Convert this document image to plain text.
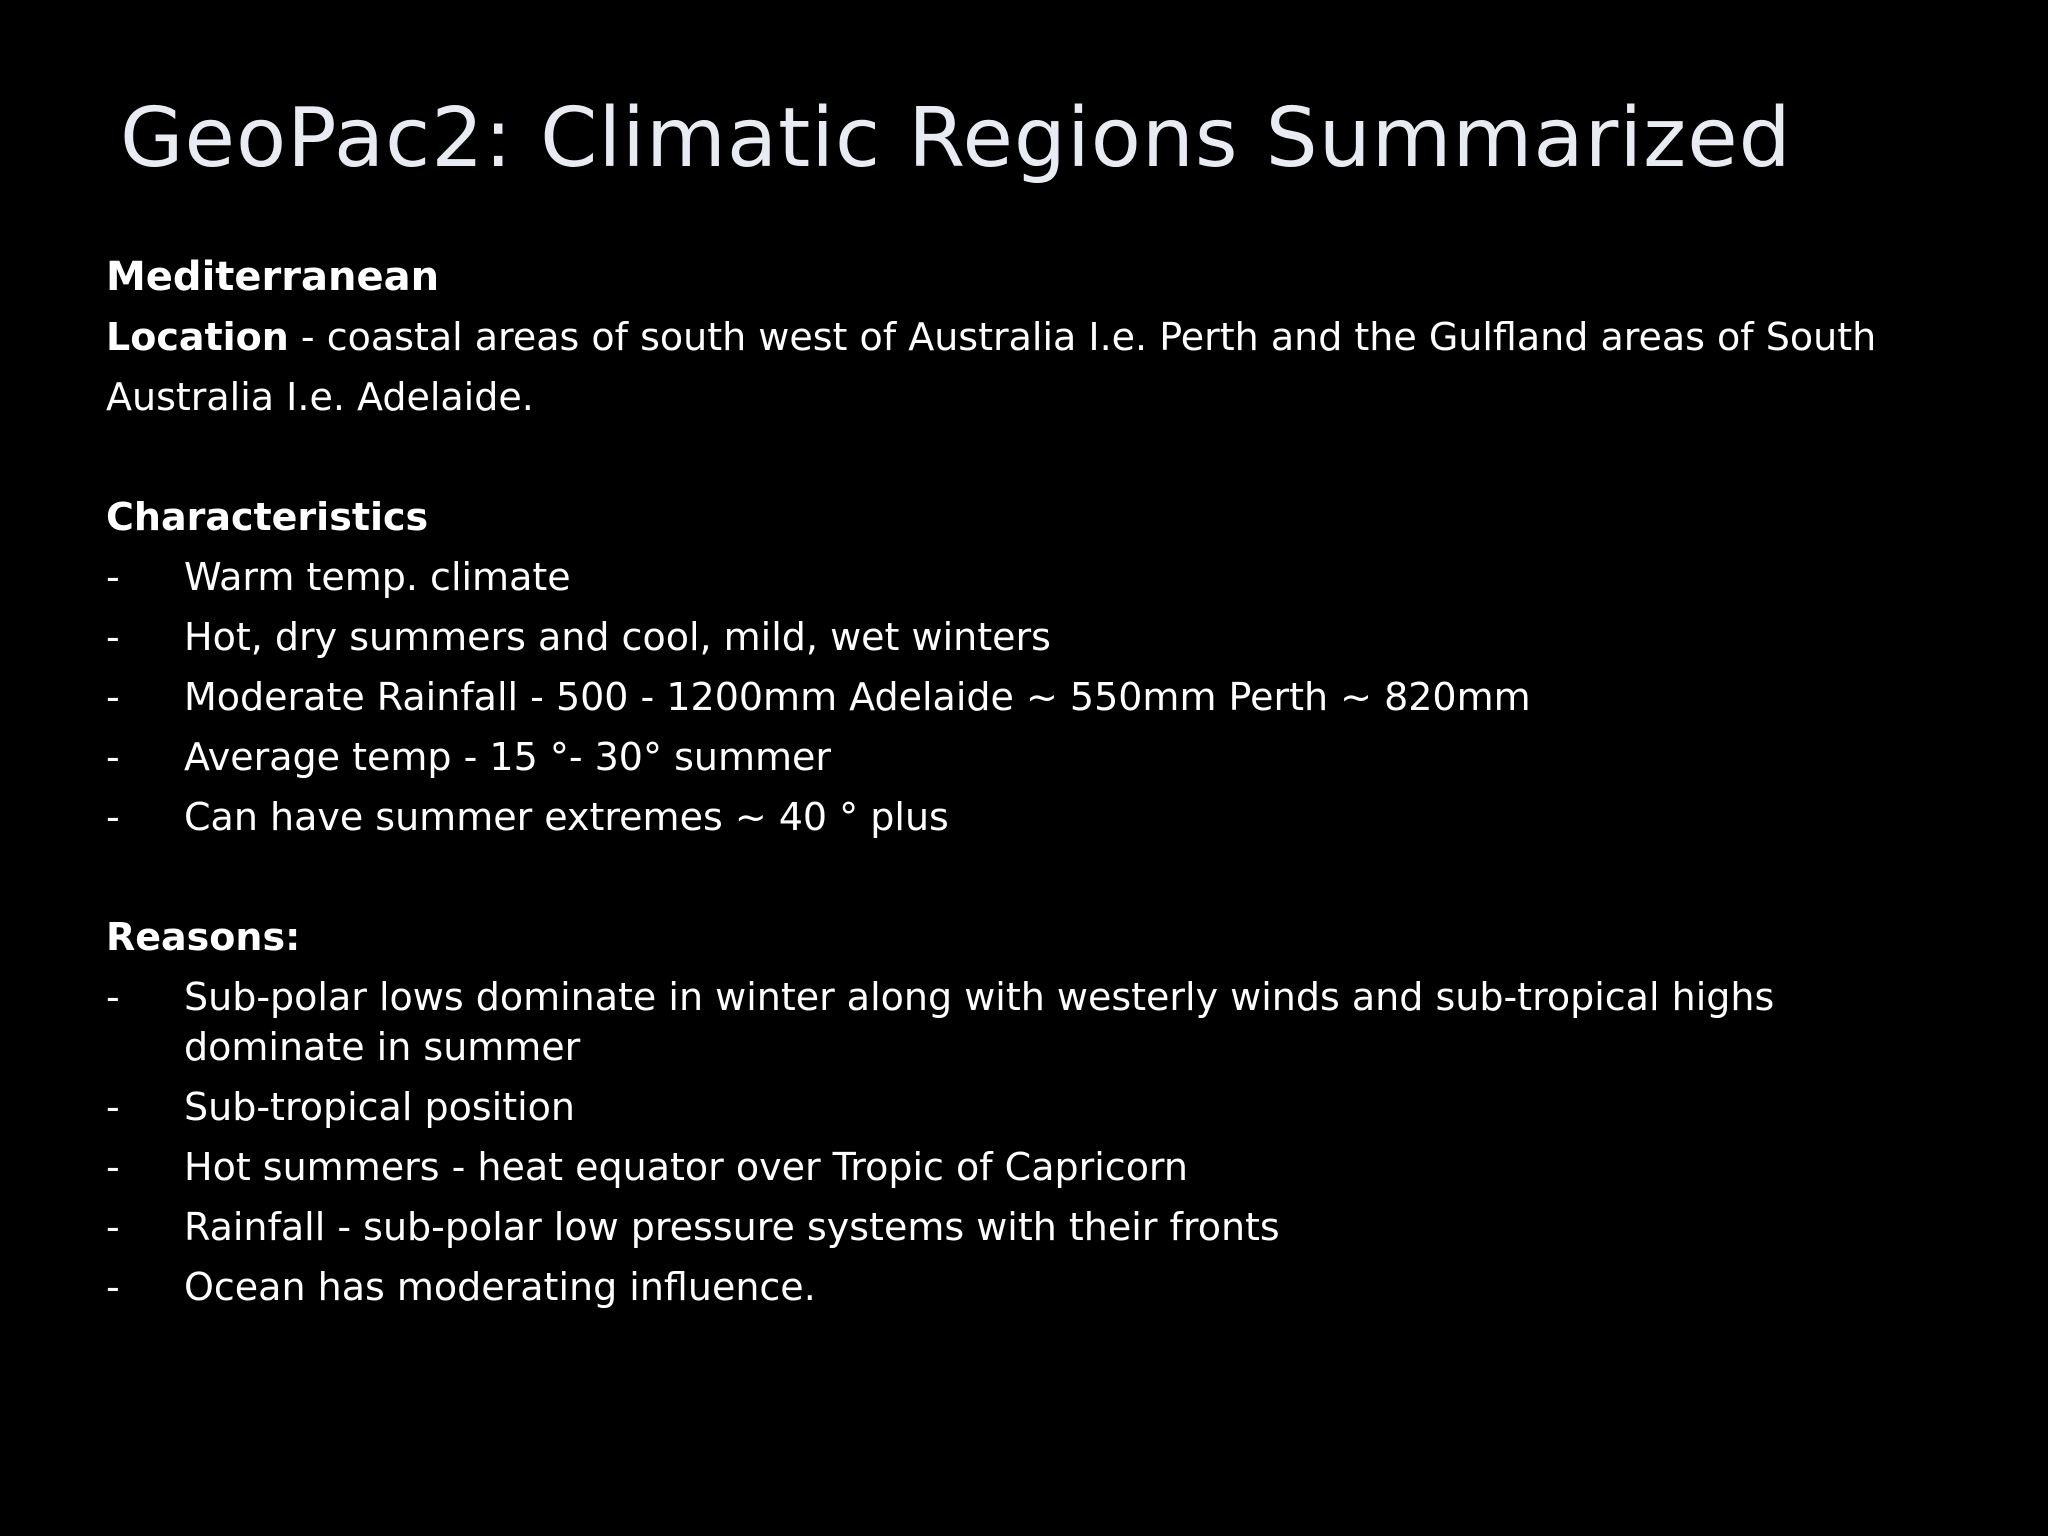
GeoPac2: Climatic Regions Summarized
Mediterranean

Location - coastal areas of south west of Australia I.e. Perth and the Gulfland areas of South Australia I.e. Adelaide.

Characteristics
- Warm temp. climate
- Hot, dry summers and cool, mild, wet winters
- Moderate Rainfall - 500 - 1200mm Adelaide ~ 550mm Perth ~ 820mm
- Average temp - 15 °- 30° summer
- Can have summer extremes ~ 40 ° plus
Reasons:
- Sub-polar lows dominate in winter along with westerly winds and sub-tropical highs dominate in summer
- Sub-tropical position
- Hot summers - heat equator over Tropic of Capricorn
- Rainfall - sub-polar low pressure systems with their fronts
- Ocean has moderating influence.
